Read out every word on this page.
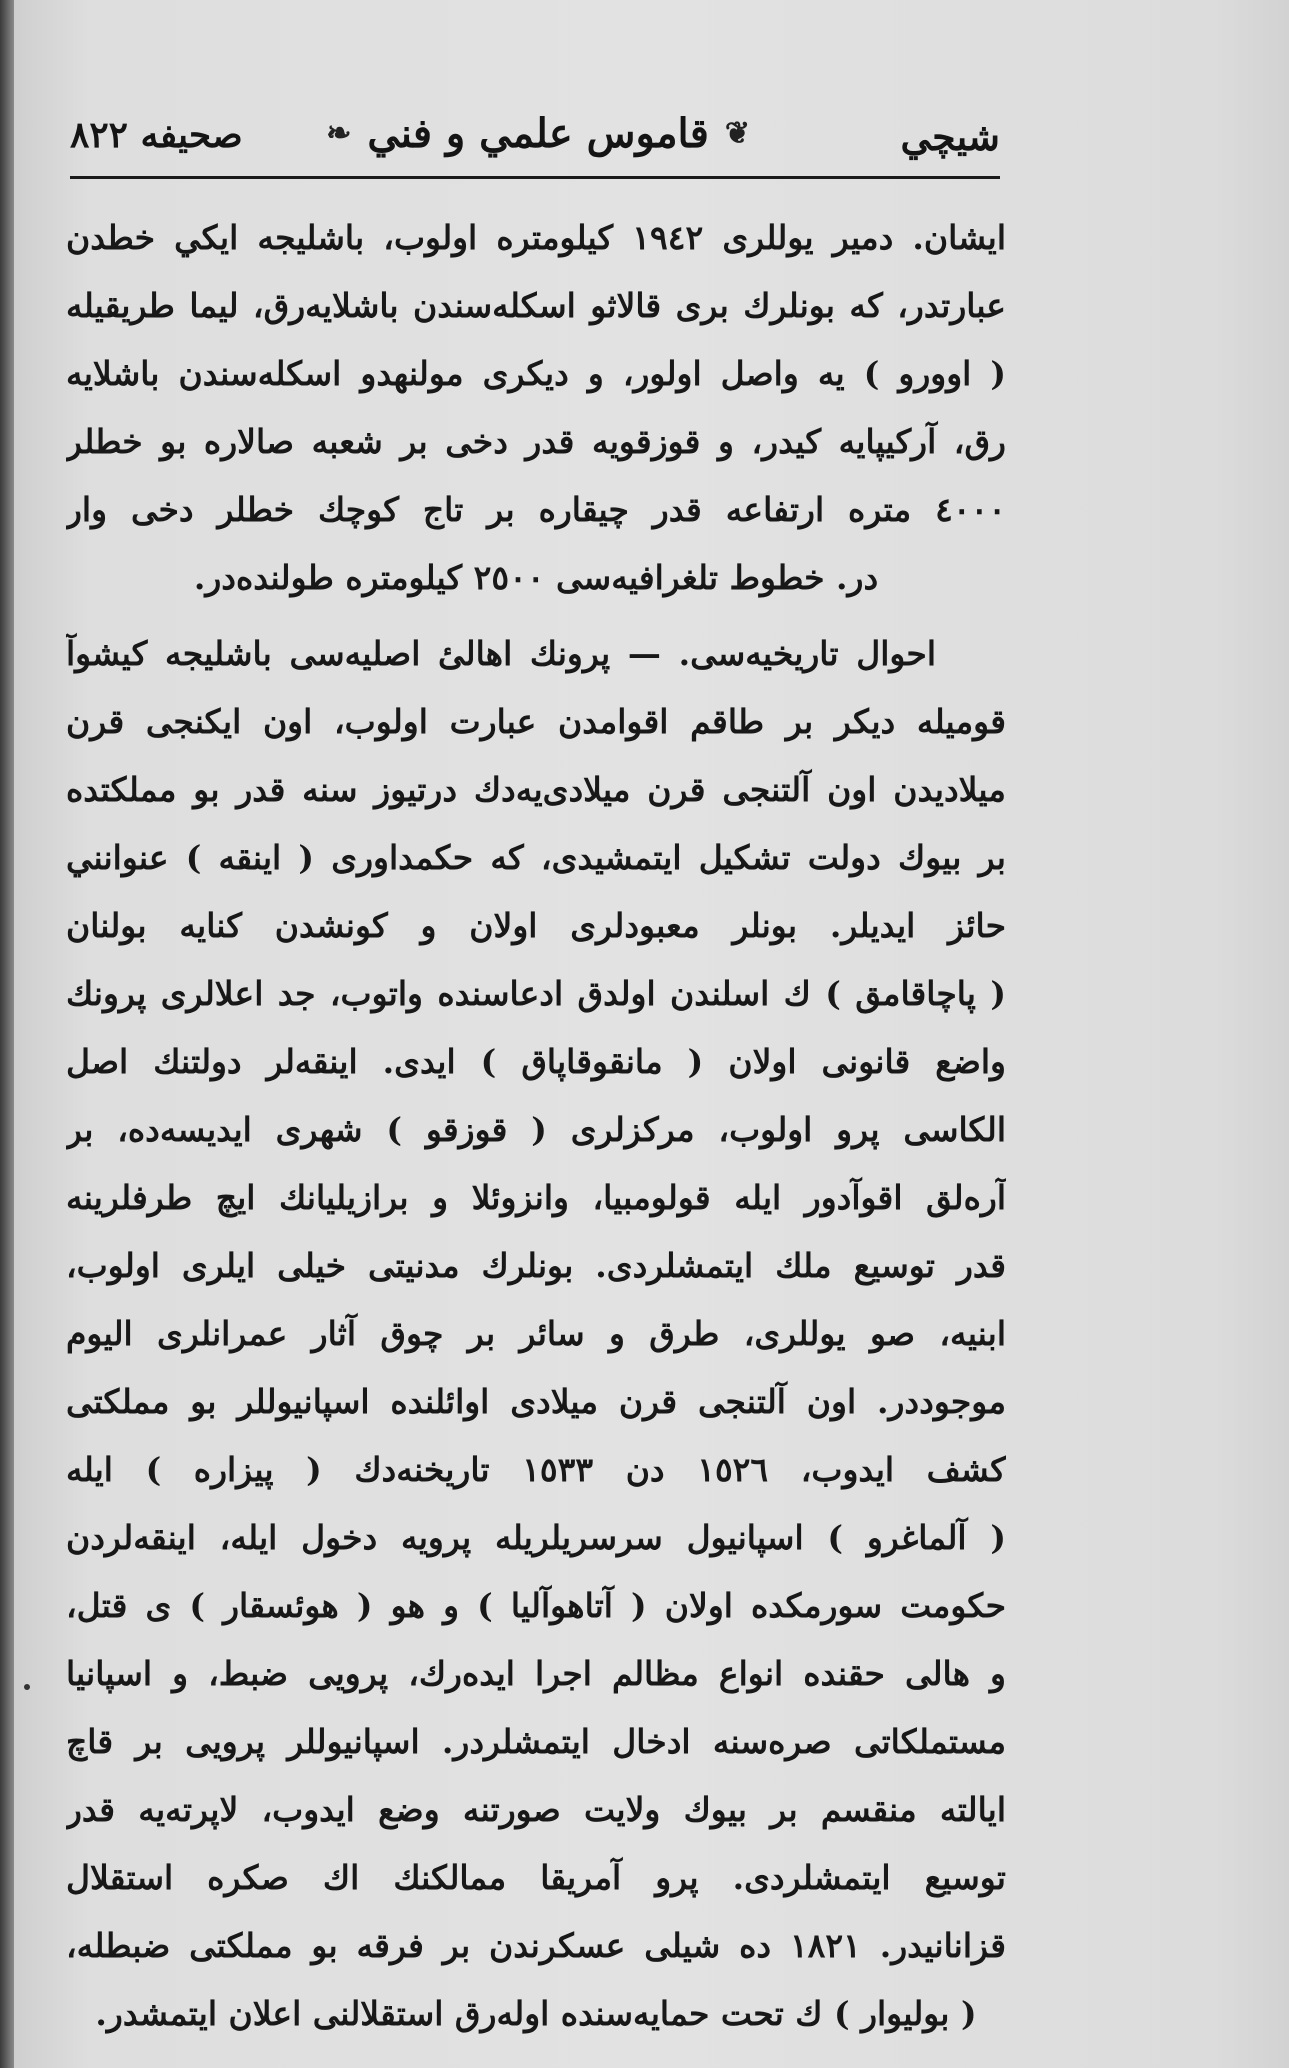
شيچي
❦
قاموس علمي و فني
❧
صحيفه ٨٢٢
ايشان. دمير يوللرى ١٩٤٢ كيلومتره اولوب، باشليجه ايكي خطدن
عبارتدر، كه بونلرك برى قالاثو اسكله‌سندن باشلايه‌رق، ليما طريقيله
( اوورو ) يه واصل اولور، و ديكرى مولنهدو اسكله‌سندن باشلايه‌
رق، آركيپايه كيدر، و قوزقويه قدر دخى بر شعبه صالاره بو خطلر
٤٠٠٠ متره ارتفاعه قدر چيقاره بر تاج كوچك خطلر دخى وار
در. خطوط تلغرافيه‌سى ٢٥٠٠ كيلومتره طولنده‌در.
احوال تاريخيه‌سى. — پرونك اهالىٔ اصليه‌سى باشليجه كيشوآ
قوميله ديكر بر طاقم اقوامدن عبارت اولوب، اون ايكنجى قرن
ميلاديدن اون آلتنجى قرن ميلادى‌يه‌دك درتيوز سنه قدر بو مملكتده
بر بيوك دولت تشكيل ايتمشيدى، كه حكمداورى ( اينقه ) عنوانني
حائز ايديلر. بونلر معبودلرى اولان و كونشدن كنايه بولنان
( پاچاقامق ) ك اسلندن اولدق ادعاسنده واتوب، جد اعلالرى پرونك
واضع قانونى اولان ( مانقوقاپاق ) ايدى. اينقه‌لر دولتنك اصل
الكاسى پرو اولوب، مركزلرى ( قوزقو ) شهرى ايديسه‌ده، بر
آره‌لق اقوآدور ايله قولومبيا، وانزوئلا و برازيليانك ايچ طرفلرينه
قدر توسيع ملك ايتمشلردى. بونلرك مدنيتى خيلى ايلرى اولوب،
ابنيه، صو يوللرى، طرق و سائر بر چوق آثار عمرانلرى اليوم
موجوددر. اون آلتنجى قرن ميلادى اوائلنده اسپانيوللر بو مملكتى
كشف ايدوب، ١٥٢٦ دن ١٥٣٣ تاريخنه‌دك ( پيزاره ) ايله
( آلماغرو ) اسپانيول سرسريلريله پرويه دخول ايله، اينقه‌لردن
حكومت سورمكده اولان ( آتاهوآليا ) و هو ( هوئسقار ) ى قتل،
و هالى حقنده انواع مظالم اجرا ايده‌رك، پرويى ضبط، و اسپانيا
مستملكاتى صره‌سنه ادخال ايتمشلردر. اسپانيوللر پرويى بر قاچ
ايالته منقسم بر بيوك ولايت صورتنه وضع ايدوب، لاپرته‌يه قدر
توسيع ايتمشلردى. پرو آمريقا ممالكنك اك صكره استقلال
قزانانيدر. ١٨٢١ ده شيلى عسكرندن بر فرقه بو مملكتى ضبطله،
( بوليوار ) ك تحت حمايه‌سنده اوله‌رق استقلالنى اعلان ايتمشدر.
